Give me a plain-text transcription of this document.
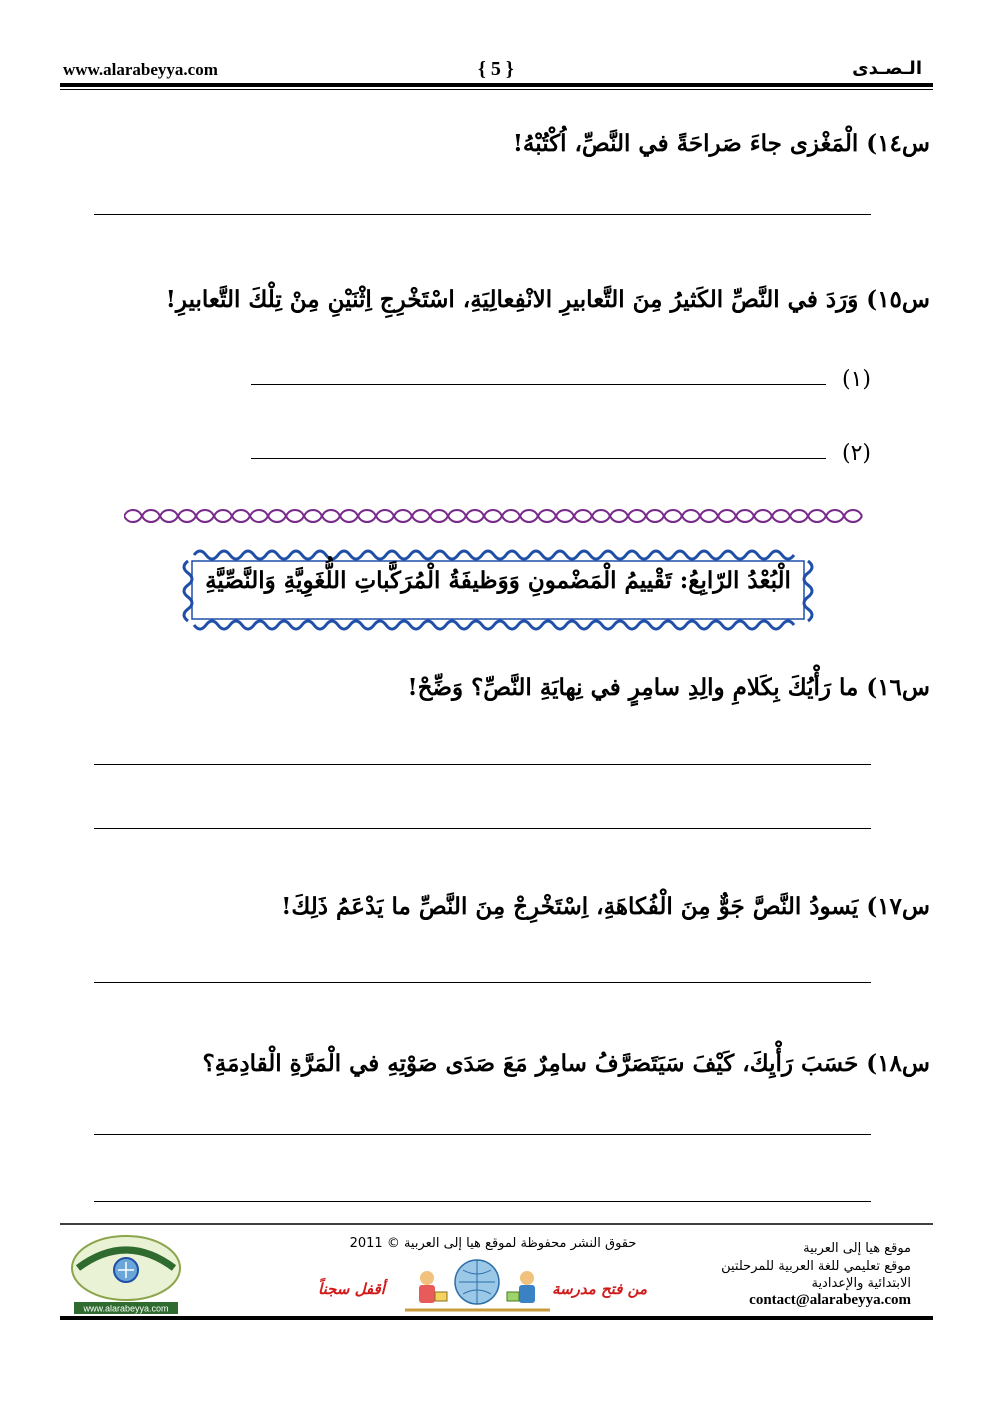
www.alarabeyya.com	{ 5 }	الـصـدى
س١٤) الْمَغْزى جاءَ صَراحَةً في النَّصِّ، اُكْتُبْهُ!
س١٥) وَرَدَ في النَّصِّ الكَثيرُ مِنَ التَّعابيرِ الانْفِعالِيَةِ، اسْتَخْرِجِ اِثْنَيْنِ مِنْ تِلْكَ التَّعابيرِ!
(١)
(٢)
الْبُعْدُ الرّابِعُ: تَقْييمُ الْمَضْمونِ وَوَظيفَةُ الْمُرَكَّباتِ اللُّغَوِيَّةِ وَالنَّصِّيَّةِ
س١٦) ما رَأْيُكَ بِكَلامِ والِدِ سامِرٍ في نِهايَةِ النَّصِّ؟ وَضِّحْ!
س١٧) يَسودُ النَّصَّ جَوٌّ مِنَ الْفُكاهَةِ، اِسْتَخْرِجْ مِنَ النَّصِّ ما يَدْعَمُ ذَلِكَ!
س١٨) حَسَبَ رَأْيِكَ، كَيْفَ سَيَتَصَرَّفُ سامِرٌ مَعَ صَدَى صَوْتِهِ في الْمَرَّةِ الْقادِمَةِ؟
www.alarabeyya.com
حقوق النشر محفوظة لموقع هيا إلى العربية © 2011
من فتح مدرسة
أقفل سجناً
موقع هيا إلى العربية
موقع تعليمي للغة العربية للمرحلتين
الابتدائية والإعدادية
contact@alarabeyya.com
